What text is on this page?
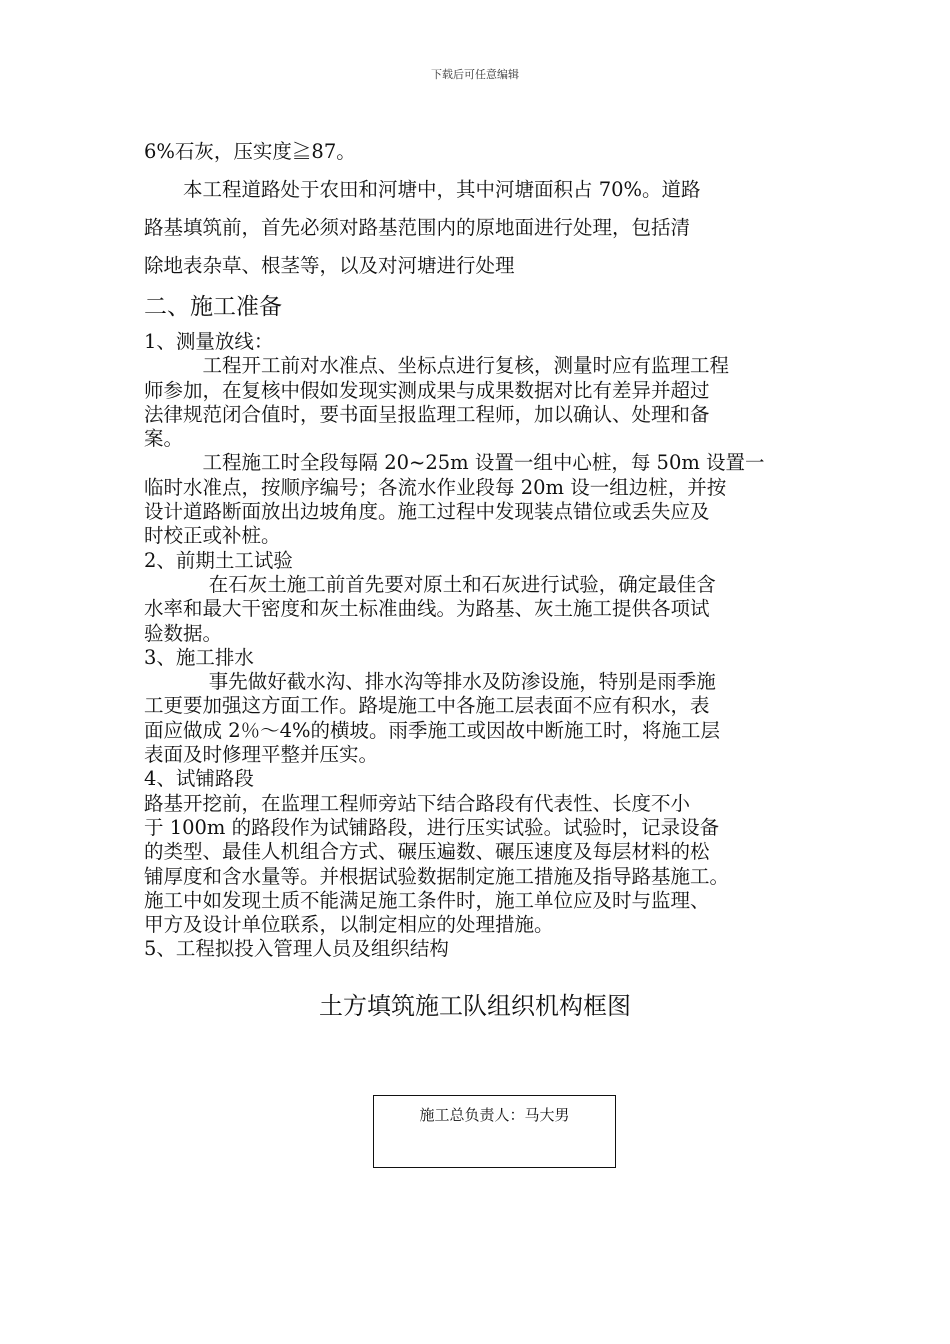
下载后可任意编辑
6%石灰，压实度≧87。
　　本工程道路处于农田和河塘中，其中河塘面积占 70%。道路
路基填筑前，首先必须对路基范围内的原地面进行处理，包括清
除地表杂草、根茎等，以及对河塘进行处理
二、施工准备
1、测量放线：
　　　工程开工前对水准点、坐标点进行复核，测量时应有监理工程
师参加，在复核中假如发现实测成果与成果数据对比有差异并超过
法律规范闭合值时，要书面呈报监理工程师，加以确认、处理和备
案。
　　　工程施工时全段每隔 20~25m 设置一组中心桩，每 50m 设置一
临时水准点，按顺序编号；各流水作业段每 20m 设一组边桩，并按
设计道路断面放出边坡角度。施工过程中发现装点错位或丢失应及
时校正或补桩。
2、前期土工试验
　　　 在石灰土施工前首先要对原土和石灰进行试验，确定最佳含
水率和最大干密度和灰土标准曲线。为路基、灰土施工提供各项试
验数据。
3、施工排水
　　　 事先做好截水沟、排水沟等排水及防渗设施，特别是雨季施
工更要加强这方面工作。路堤施工中各施工层表面不应有积水，表
面应做成 2％～4%的横坡。雨季施工或因故中断施工时，将施工层
表面及时修理平整并压实。
4、试铺路段
路基开挖前，在监理工程师旁站下结合路段有代表性、长度不小
于 100m 的路段作为试铺路段，进行压实试验。试验时，记录设备
的类型、最佳人机组合方式、碾压遍数、碾压速度及每层材料的松
铺厚度和含水量等。并根据试验数据制定施工措施及指导路基施工。
施工中如发现土质不能满足施工条件时，施工单位应及时与监理、
甲方及设计单位联系，以制定相应的处理措施。
5、工程拟投入管理人员及组织结构
土方填筑施工队组织机构框图
施工总负责人：马大男
